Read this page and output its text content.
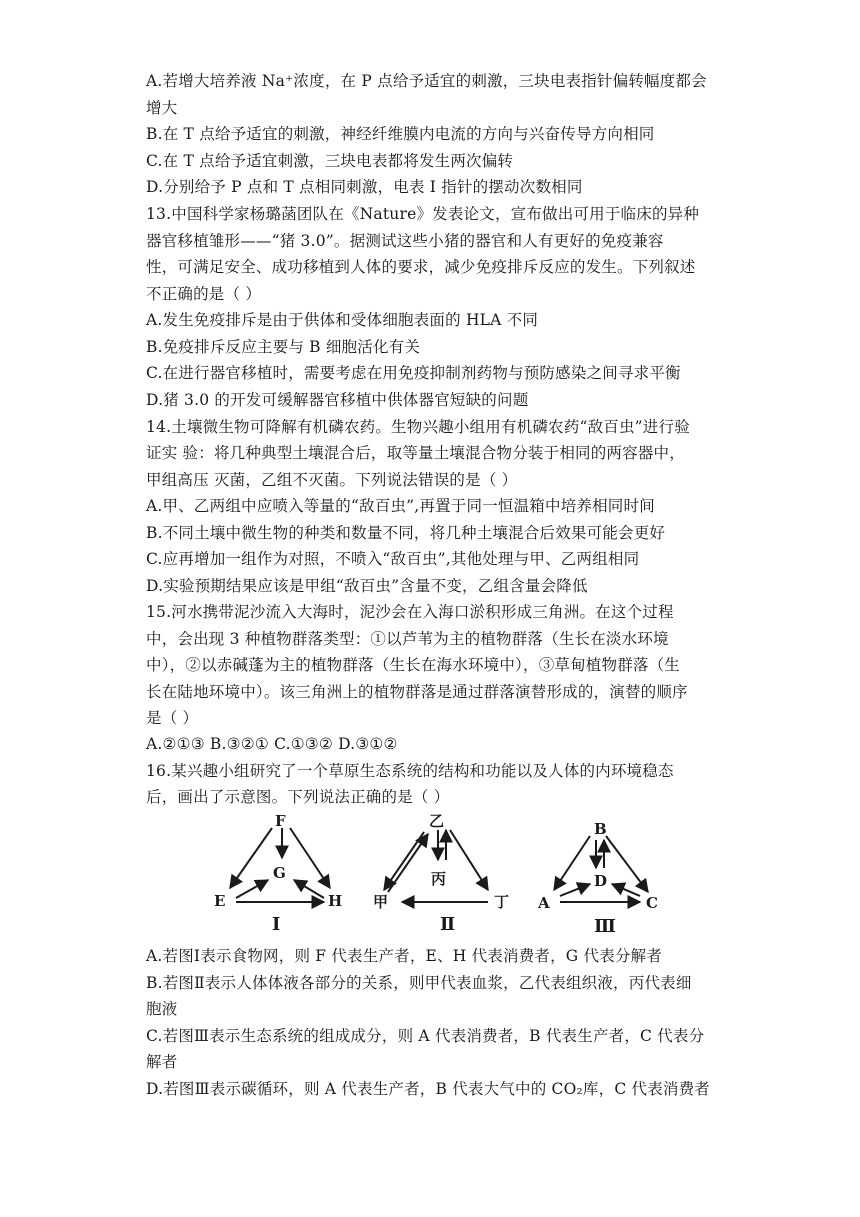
A.若增大培养液 Na⁺浓度，在 P 点给予适宜的刺激，三块电表指针偏转幅度都会
增大
B.在 T 点给予适宜的刺激，神经纤维膜内电流的方向与兴奋传导方向相同
C.在 T 点给予适宜刺激，三块电表都将发生两次偏转
D.分别给予 P 点和 T 点相同刺激，电表 I 指针的摆动次数相同
13.中国科学家杨璐菡团队在《Nature》发表论文，宣布做出可用于临床的异种
器官移植雏形——“猪 3.0”。据测试这些小猪的器官和人有更好的免疫兼容
性，可满足安全、成功移植到人体的要求，减少免疫排斥反应的发生。下列叙述
不正确的是（ ）
A.发生免疫排斥是由于供体和受体细胞表面的 HLA 不同
B.免疫排斥反应主要与 B 细胞活化有关
C.在进行器官移植时，需要考虑在用免疫抑制剂药物与预防感染之间寻求平衡
D.猪 3.0 的开发可缓解器官移植中供体器官短缺的问题
14.土壤微生物可降解有机磷农药。生物兴趣小组用有机磷农药“敌百虫”进行验
证实 验：将几种典型土壤混合后，取等量土壤混合物分装于相同的两容器中，
甲组高压 灭菌，乙组不灭菌。下列说法错误的是（ ）
A.甲、乙两组中应喷入等量的“敌百虫”,再置于同一恒温箱中培养相同时间
B.不同土壤中微生物的种类和数量不同，将几种土壤混合后效果可能会更好
C.应再增加一组作为对照，不喷入“敌百虫”,其他处理与甲、乙两组相同
D.实验预期结果应该是甲组“敌百虫”含量不变，乙组含量会降低
15.河水携带泥沙流入大海时，泥沙会在入海口淤积形成三角洲。在这个过程
中，会出现 3 种植物群落类型：①以芦苇为主的植物群落（生长在淡水环境
中），②以赤碱蓬为主的植物群落（生长在海水环境中），③草甸植物群落（生
长在陆地环境中）。该三角洲上的植物群落是通过群落演替形成的，演替的顺序
是（ ）
A.②①③ B.③②① C.①③② D.③①②
16.某兴趣小组研究了一个草原生态系统的结构和功能以及人体的内环境稳态
后，画出了示意图。下列说法正确的是（ ）
F
G
E	H
Ⅰ
乙
丙
甲	丁
Ⅱ
B
D
A	C
Ⅲ
A.若图Ⅰ表示食物网，则 F 代表生产者，E、H 代表消费者，G 代表分解者
B.若图Ⅱ表示人体体液各部分的关系，则甲代表血浆，乙代表组织液，丙代表细
胞液
C.若图Ⅲ表示生态系统的组成成分，则 A 代表消费者，B 代表生产者，C 代表分
解者
D.若图Ⅲ表示碳循环，则 A 代表生产者，B 代表大气中的 CO₂库，C 代表消费者
